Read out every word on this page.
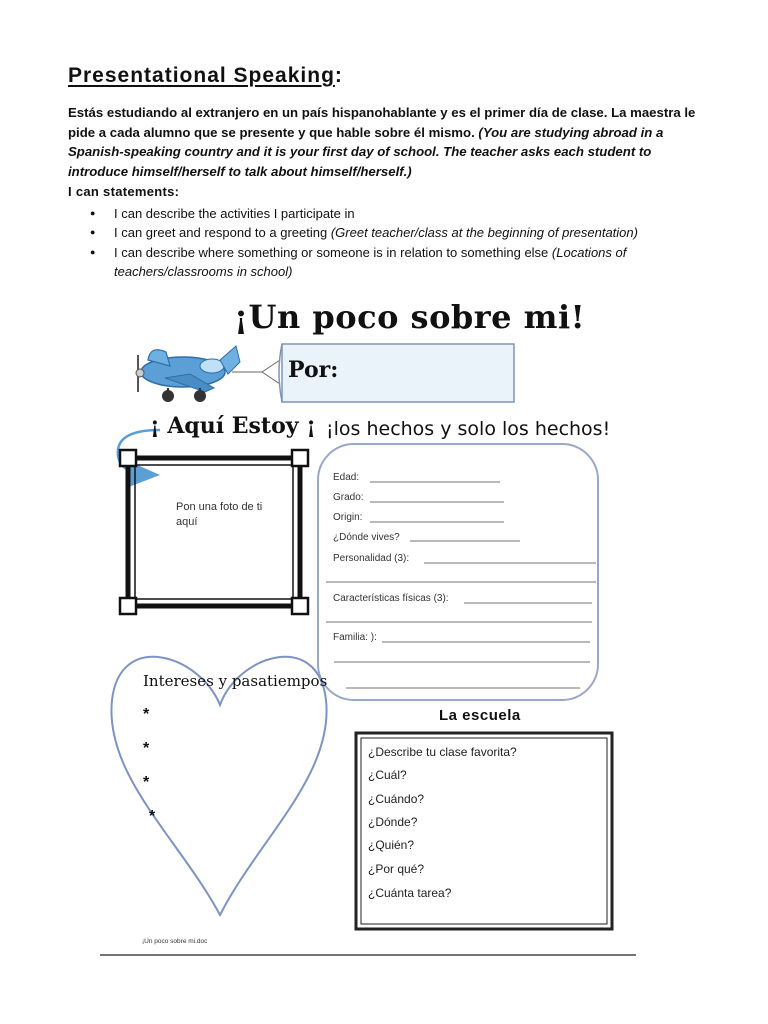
Presentational Speaking:
Estás estudiando al extranjero en un país hispanohablante y es el primer día de clase. La maestra le pide a cada alumno que se presente y que hable sobre él mismo. (You are studying abroad in a Spanish-speaking country and it is your first day of school. The teacher asks each student to introduce himself/herself to talk about himself/herself.)
I can statements:
● I can describe the activities I participate in
● I can greet and respond to a greeting (Greet teacher/class at the beginning of presentation)
● I can describe where something or someone is in relation to something else (Locations of teachers/classrooms in school)
¡Un poco sobre mi!
Por:
¡ Aquí Estoy ¡ ¡los hechos y solo los hechos!
Pon una foto de ti aquí
Edad:
Grado:
Origin:
¿Dónde vives?
Personalidad (3):
Características físicas (3):
Familia: ):
Intereses y pasatiempos
*
*
*
*
La escuela
¿Describe tu clase favorita?
¿Cuál?
¿Cuándo?
¿Dónde?
¿Quién?
¿Por qué?
¿Cuánta tarea?
¡Un poco sobre mi.doc
